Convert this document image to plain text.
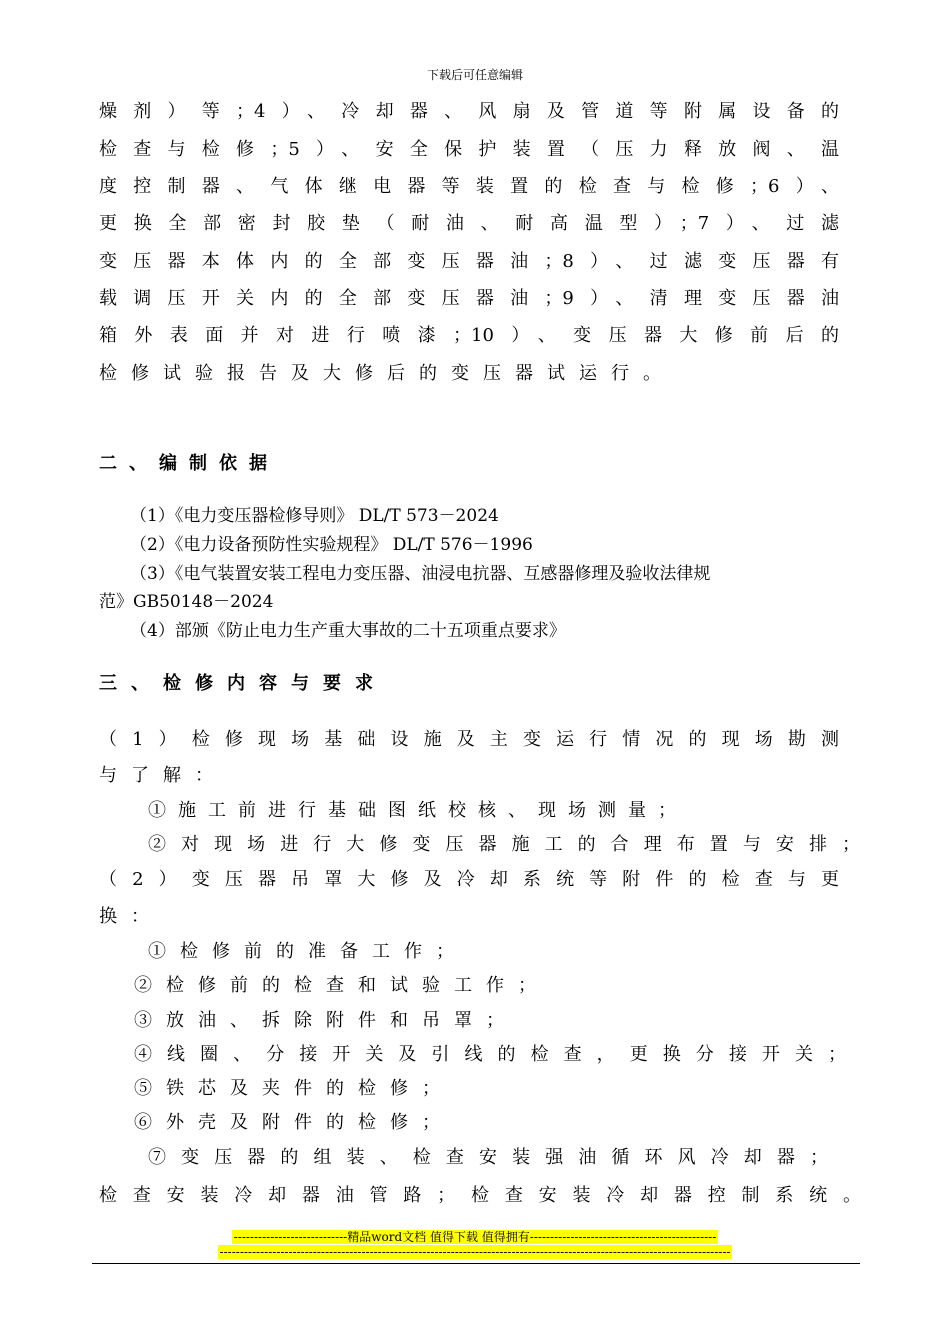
下载后可任意编辑
燥剂）等；4）、冷却器、风扇及管道等附属设备的
检查与检修；5）、安全保护装置（压力释放阀、温
度控制器、气体继电器等装置的检查与检修；6）、
更换全部密封胶垫（耐油、耐高温型）；7）、过滤
变压器本体内的全部变压器油；8）、过滤变压器有
载调压开关内的全部变压器油；9）、清理变压器油
箱外表面并对进行喷漆；10）、变压器大修前后的
检修试验报告及大修后的变压器试运行。
二、编制依据
（1）《电力变压器检修导则》 DL/T 573－2024
（2）《电力设备预防性实验规程》 DL/T 576－1996
（3）《电气装置安装工程电力变压器、油浸电抗器、互感器修理及验收法律规
范》GB50148－2024
（4）部颁《防止电力生产重大事故的二十五项重点要求》
三、检修内容与要求
（1）检修现场基础设施及主变运行情况的现场勘测
与了解：
①施工前进行基础图纸校核、现场测量；
②对现场进行大修变压器施工的合理布置与安排；
（2）变压器吊罩大修及冷却系统等附件的检查与更
换：
①检修前的准备工作；
②检修前的检查和试验工作；
③放油、拆除附件和吊罩；
④线圈、分接开关及引线的检查，更换分接开关；
⑤铁芯及夹件的检修；
⑥外壳及附件的检修；
⑦变压器的组装、检查安装强油循环风冷却器；
检查安装冷却器油管路；检查安装冷却器控制系统。
----------------------------精品word文档 值得下载 值得拥有----------------------------------------------
------------------------------------------------------------------------------------------------------------------------------
